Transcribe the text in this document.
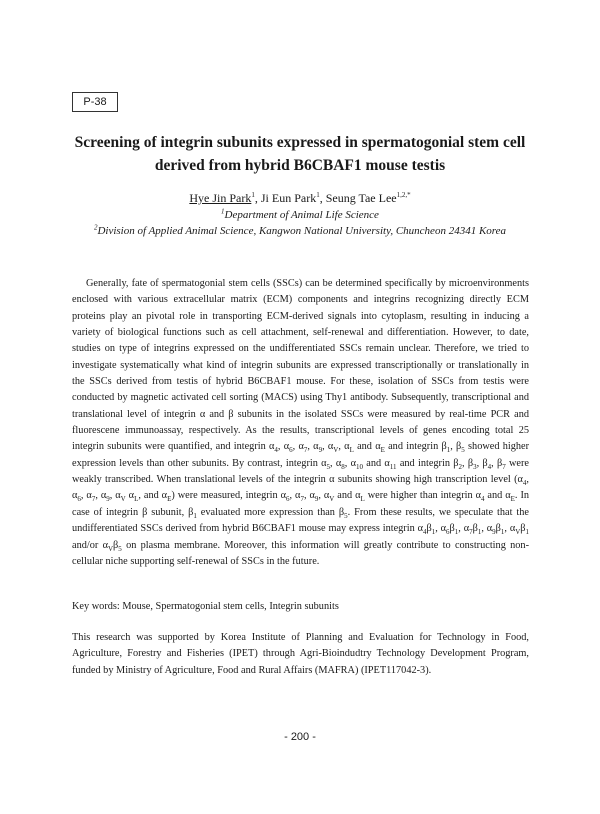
P-38
Screening of integrin subunits expressed in spermatogonial stem cell
derived from hybrid B6CBAF1 mouse testis
Hye Jin Park$^1$, Ji Eun Park$^1$, Seung Tae Lee$^{1,2,*}$
$^1$Department of Animal Life Science
$^2$Division of Applied Animal Science, Kangwon National University, Chuncheon 24341 Korea

Generally, fate of spermatogonial stem cells (SSCs) can be determined specifically by microenvironments enclosed with various extracellular matrix (ECM) components and integrins recognizing directly ECM proteins play an pivotal role in transporting ECM-derived signals into cytoplasm, resulting in inducing a variety of biological functions such as cell attachment, self-renewal and differentiation. However, to date, studies on type of integrins expressed on the undifferentiated SSCs remain unclear. Therefore, we tried to investigate systematically what kind of integrin subunits are expressed transcriptionally or translationally in the SSCs derived from testis of hybrid B6CBAF1 mouse. For these, isolation of SSCs from testis were conducted by magnetic activated cell sorting (MACS) using Thy1 antibody. Subsequently, transcriptional and translational level of integrin α and β subunits in the isolated SSCs were measured by real-time PCR and fluorescene immunoassay, respectively. As the results, transcriptional levels of genes encoding total 25 integrin subunits were quantified, and integrin $\alpha_4$, $\alpha_6$, $\alpha_7$, $\alpha_9$, $\alpha_V$, $\alpha_L$ and $\alpha_E$ and integrin $\beta_1$, $\beta_5$ showed higher expression levels than other subunits. By contrast, integrin $\alpha_5$, $\alpha_8$, $\alpha_{10}$ and $\alpha_{11}$ and integrin $\beta_2$, $\beta_3$, $\beta_4$, $\beta_7$ were weakly transcribed. When translational levels of the integrin α subunits showing high transcription level ($\alpha_4$, $\alpha_6$, $\alpha_7$, $\alpha_9$, $\alpha_V$ $\alpha_L$, and $\alpha_E$) were measured, integrin $\alpha_6$, $\alpha_7$, $\alpha_9$, $\alpha_V$ and $\alpha_L$ were higher than integrin $\alpha_4$ and $\alpha_E$. In case of integrin β subunit, $\beta_1$ evaluated more expression than $\beta_5$. From these results, we speculate that the undifferentiated SSCs derived from hybrid B6CBAF1 mouse may express integrin $\alpha_4\beta_1$, $\alpha_6\beta_1$, $\alpha_7\beta_1$, $\alpha_9\beta_1$, $\alpha_V\beta_1$ and/or $\alpha_V\beta_5$ on plasma membrane. Moreover, this information will greatly contribute to constructing non-cellular niche supporting self-renewal of SSCs in the future.

Key words: Mouse, Spermatogonial stem cells, Integrin subunits

This research was supported by Korea Institute of Planning and Evaluation for Technology in Food, Agriculture, Forestry and Fisheries (IPET) through Agri-Bioindudtry Technology Development Program, funded by Ministry of Agriculture, Food and Rural Affairs (MAFRA) (IPET117042-3).

- 200 -
